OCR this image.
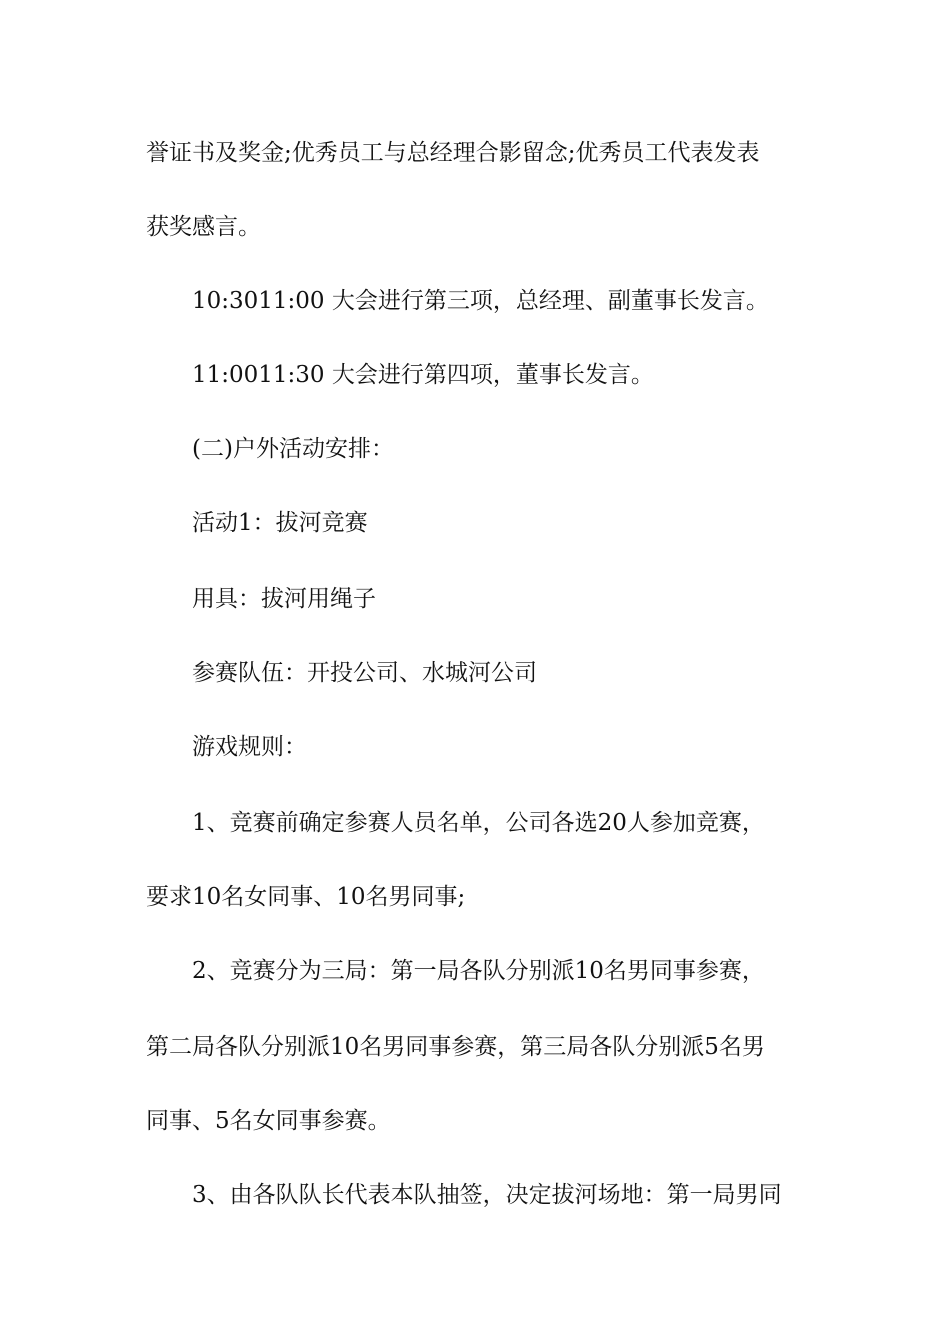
誉证书及奖金;优秀员工与总经理合影留念;优秀员工代表发表
获奖感言。
10:3011:00 大会进行第三项，总经理、副董事长发言。
11:0011:30 大会进行第四项，董事长发言。
(二)户外活动安排：
活动1：拔河竞赛
用具：拔河用绳子
参赛队伍：开投公司、水城河公司
游戏规则：
1、竞赛前确定参赛人员名单，公司各选20人参加竞赛，
要求10名女同事、10名男同事;
2、竞赛分为三局：第一局各队分别派10名男同事参赛，
第二局各队分别派10名男同事参赛，第三局各队分别派5名男
同事、5名女同事参赛。
3、由各队队长代表本队抽签，决定拔河场地：第一局男同
